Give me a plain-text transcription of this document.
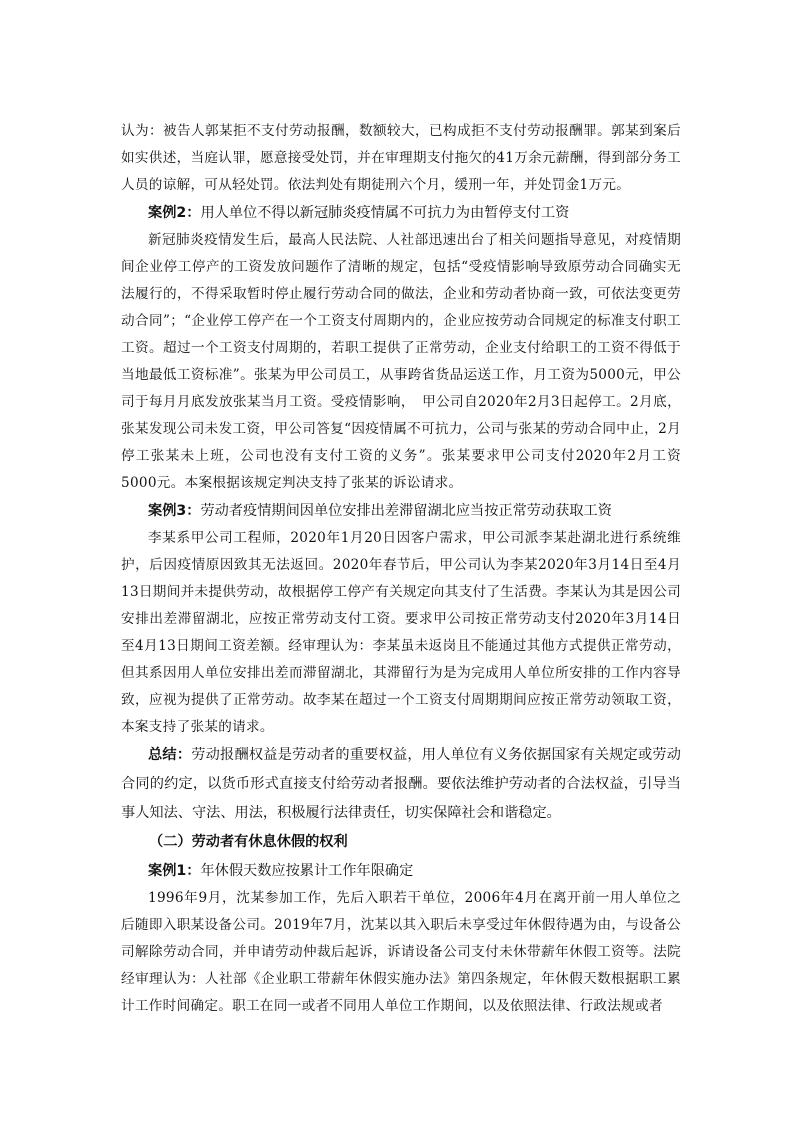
认为：被告人郭某拒不支付劳动报酬，数额较大，已构成拒不支付劳动报酬罪。郭某到案后如实供述，当庭认罪，愿意接受处罚，并在审理期支付拖欠的41万余元薪酬，得到部分务工人员的谅解，可从轻处罚。依法判处有期徒刑六个月，缓刑一年，并处罚金1万元。

案例2：用人单位不得以新冠肺炎疫情属不可抗力为由暂停支付工资

新冠肺炎疫情发生后，最高人民法院、人社部迅速出台了相关问题指导意见，对疫情期间企业停工停产的工资发放问题作了清晰的规定，包括“受疫情影响导致原劳动合同确实无法履行的，不得采取暂时停止履行劳动合同的做法，企业和劳动者协商一致，可依法变更劳动合同”；“企业停工停产在一个工资支付周期内的，企业应按劳动合同规定的标准支付职工工资。超过一个工资支付周期的，若职工提供了正常劳动，企业支付给职工的工资不得低于当地最低工资标准”。张某为甲公司员工，从事跨省货品运送工作，月工资为5000元，甲公司于每月月底发放张某当月工资。受疫情影响，　甲公司自2020年2月3日起停工。2月底，张某发现公司未发工资，甲公司答复“因疫情属不可抗力，公司与张某的劳动合同中止，2月停工张某未上班，公司也没有支付工资的义务”。张某要求甲公司支付2020年2月工资5000元。本案根据该规定判决支持了张某的诉讼请求。

案例3：劳动者疫情期间因单位安排出差滞留湖北应当按正常劳动获取工资

李某系甲公司工程师，2020年1月20日因客户需求，甲公司派李某赴湖北进行系统维护，后因疫情原因致其无法返回。2020年春节后，甲公司认为李某2020年3月14日至4月13日期间并未提供劳动，故根据停工停产有关规定向其支付了生活费。李某认为其是因公司安排出差滞留湖北，应按正常劳动支付工资。要求甲公司按正常劳动支付2020年3月14日至4月13日期间工资差额。经审理认为：李某虽未返岗且不能通过其他方式提供正常劳动，但其系因用人单位安排出差而滞留湖北，其滞留行为是为完成用人单位所安排的工作内容导致，应视为提供了正常劳动。故李某在超过一个工资支付周期期间应按正常劳动领取工资，本案支持了张某的请求。

总结：劳动报酬权益是劳动者的重要权益，用人单位有义务依据国家有关规定或劳动合同的约定，以货币形式直接支付给劳动者报酬。要依法维护劳动者的合法权益，引导当事人知法、守法、用法，积极履行法律责任，切实保障社会和谐稳定。

（二）劳动者有休息休假的权利

案例1：年休假天数应按累计工作年限确定

1996年9月，沈某参加工作，先后入职若干单位，2006年4月在离开前一用人单位之后随即入职某设备公司。2019年7月，沈某以其入职后未享受过年休假待遇为由，与设备公司解除劳动合同，并申请劳动仲裁后起诉，诉请设备公司支付未休带薪年休假工资等。法院经审理认为：人社部《企业职工带薪年休假实施办法》第四条规定，年休假天数根据职工累计工作时间确定。职工在同一或者不同用人单位工作期间，以及依照法律、行政法规或者
